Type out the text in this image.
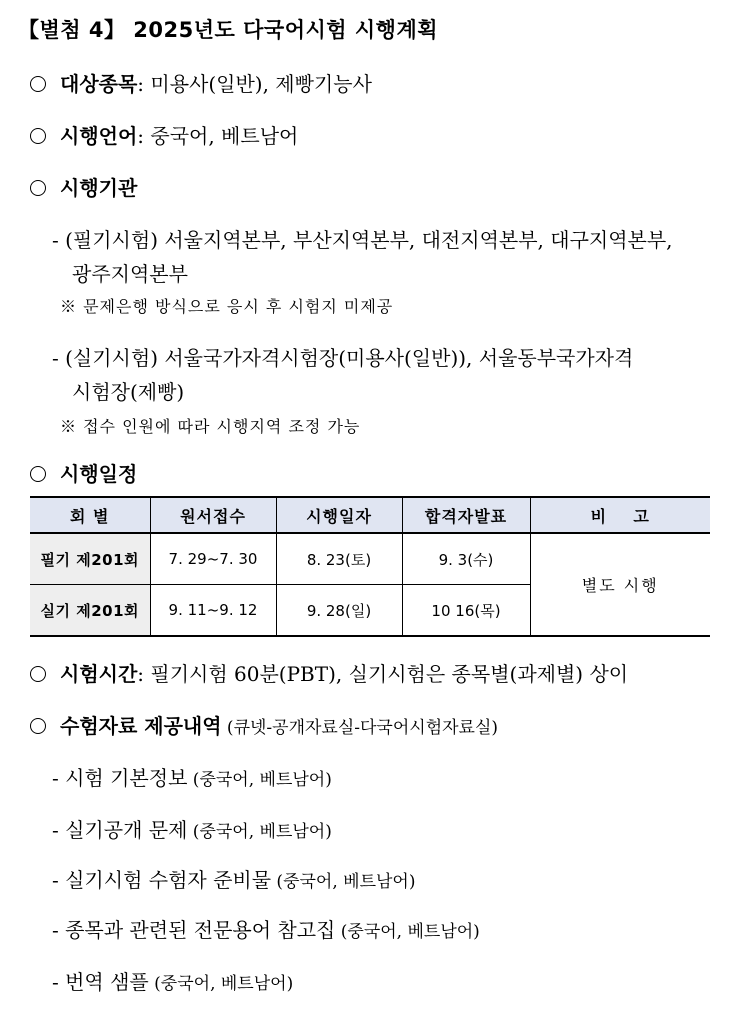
【별첨 4】 2025년도 다국어시험 시행계획
대상종목: 미용사(일반), 제빵기능사
시행언어: 중국어, 베트남어
시행기관
- (필기시험) 서울지역본부, 부산지역본부, 대전지역본부, 대구지역본부,
광주지역본부
※ 문제은행 방식으로 응시 후 시험지 미제공
- (실기시험) 서울국가자격시험장(미용사(일반)), 서울동부국가자격
시험장(제빵)
※ 접수 인원에 따라 시행지역 조정 가능
시행일정
회 별	원서접수	시행일자	합격자발표	비    고
필기 제201회	7. 29~7. 30	8. 23(토)	9. 3(수)	별도 시행
실기 제201회	9. 11~9. 12	9. 28(일)	10 16(목)	
시험시간: 필기시험 60분(PBT), 실기시험은 종목별(과제별) 상이
수험자료 제공내역 (큐넷-공개자료실-다국어시험자료실)
- 시험 기본정보 (중국어, 베트남어)
- 실기공개 문제 (중국어, 베트남어)
- 실기시험 수험자 준비물 (중국어, 베트남어)
- 종목과 관련된 전문용어 참고집 (중국어, 베트남어)
- 번역 샘플 (중국어, 베트남어)
